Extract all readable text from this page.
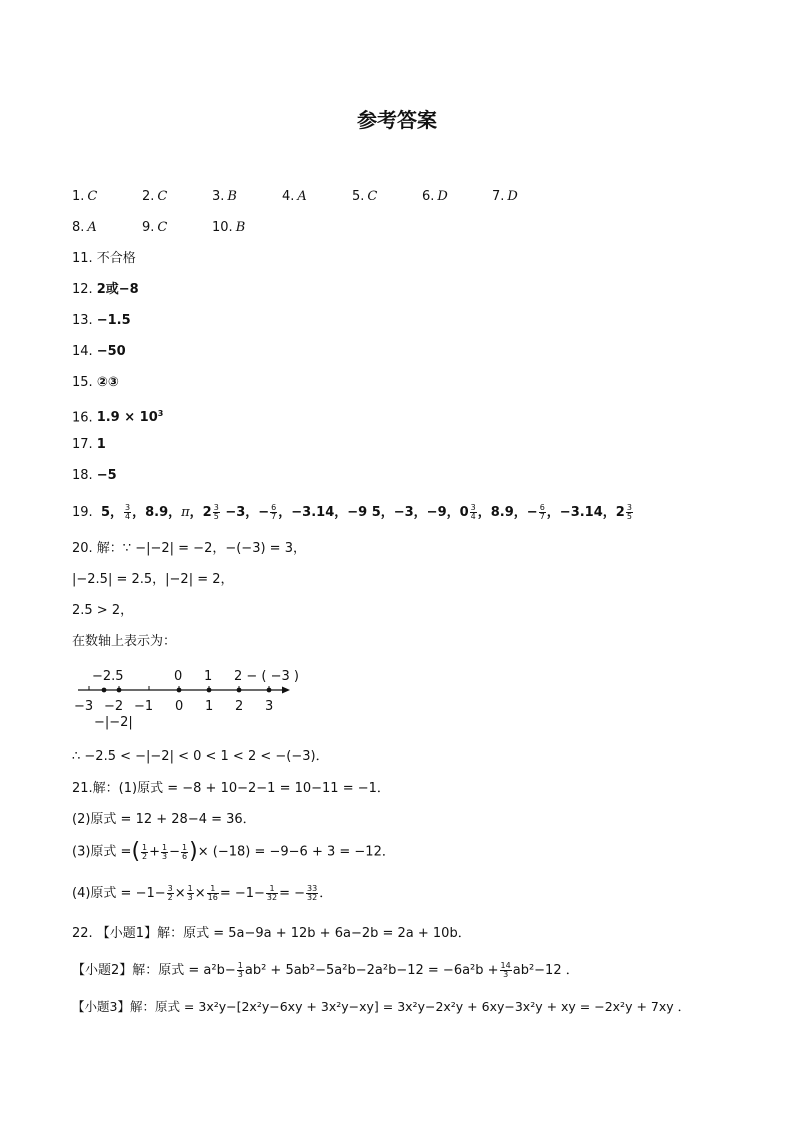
参考答案
1. C	2. C	3. B	4. A	5. C	6. D	7. D
8. A	9. C	10. B
11. 不合格
12. 2或−8
13. −1.5
14. −50
15. ②③
16. $1.9 \times 10^3$
17. 1
18. −5
19. 5， $\frac{3}{4}$ ，8.9，π，$2 \frac{3}{5} -3$，− $\frac{6}{7}$ ，−3.14，−9 5，−3，−9，$0 \frac{3}{4}$ ，8.9，− $\frac{6}{7}$ ，−3.14，$2 \frac{3}{5}$
20. 解：∵ −|−2| = −2，−(−3) = 3，
|−2.5| = 2.5，|−2| = 2，
2.5 > 2，
在数轴上表示为：
−2.5	0 1 2 − ( −3 )
−3 −2 −1 0 1 2 3
−|−2|
∴ −2.5 < −|−2| < 0 < 1 < 2 < −(−3)．
21.解：(1)原式 = −8 + 10−2−1 = 10−11 = −1．
(2)原式 = 12 + 28−4 = 36．
(3)原式 =( $\frac{1}{2} + \frac{1}{3} - \frac{1}{6}$ )× (−18) = −9−6 + 3 = −12．
(4)原式 = $-1- \frac{3}{2} \times \frac{1}{3} \times \frac{1}{16} = -1- \frac{1}{32}$ = − $\frac{33}{32}$ ．
22. 【小题1】解：原式 = 5a−9a + 12b + 6a−2b = 2a + 10b．
【小题2】解：原式 = $a^2b- \frac{1}{3} ab^2 + 5ab^2-5a^2b-2a^2b-12 = -6a^2b + \frac{14}{3} ab^2-12$ ．
【小题3】解：原式 = 3x²y−[2x²y−6xy + 3x²y−xy] = 3x²y−2x²y + 6xy−3x²y + xy = −2x²y + 7xy ．
